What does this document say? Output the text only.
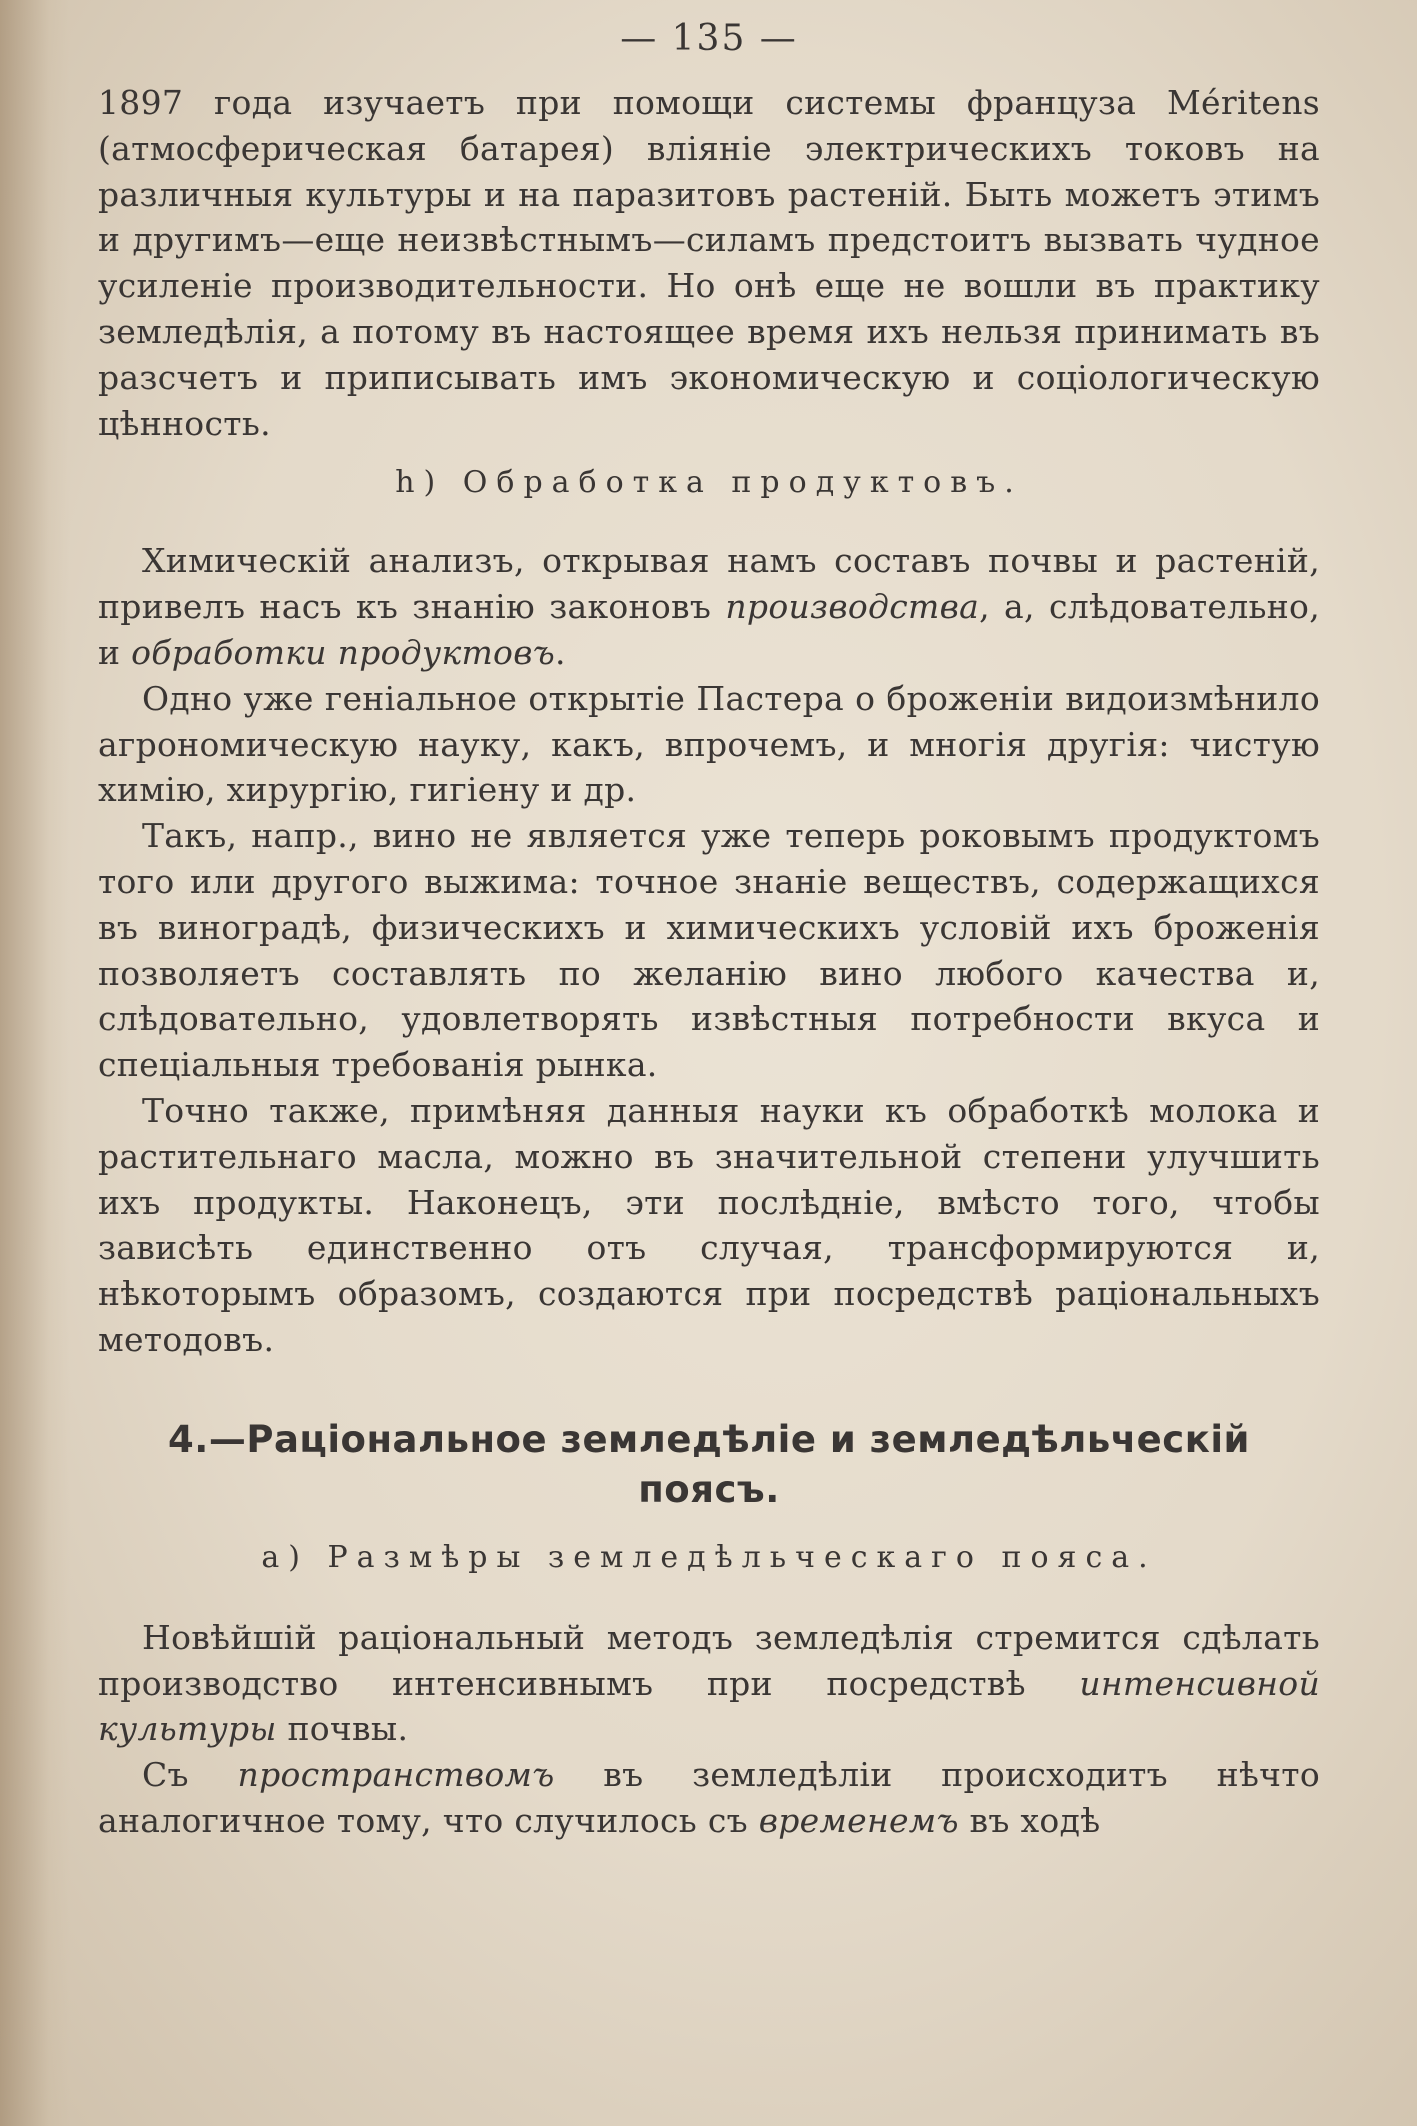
— 135 —

1897 года изучаетъ при помощи системы француза Mérіtens (атмосферическая батарея) вліяніе электрическихъ токовъ на различныя культуры и на паразитовъ растеній. Быть можетъ этимъ и другимъ—еще неизвѣстнымъ—силамъ предстоитъ вызвать чудное усиленіе производительности. Но онѣ еще не вошли въ практику земледѣлія, а потому въ настоящее время ихъ нельзя принимать въ разсчетъ и приписывать имъ экономическую и соціологическую цѣнность.

h) Обработка продуктовъ.

Химическій анализъ, открывая намъ составъ почвы и растеній, привелъ насъ къ знанію законовъ производства, а, слѣдовательно, и обработки продуктовъ.

Одно уже геніальное открытіе Пастера о броженіи видоизмѣнило агрономическую науку, какъ, впрочемъ, и многія другія: чистую химію, хирургію, гигіену и др.

Такъ, напр., вино не является уже теперь роковымъ продуктомъ того или другого выжима: точное знаніе веществъ, содержащихся въ виноградѣ, физическихъ и химическихъ условій ихъ броженія позволяетъ составлять по желанію вино любого качества и, слѣдовательно, удовлетворять извѣстныя потребности вкуса и спеціальныя требованія рынка.

Точно также, примѣняя данныя науки къ обработкѣ молока и растительнаго масла, можно въ значительной степени улучшить ихъ продукты. Наконецъ, эти послѣдніе, вмѣсто того, чтобы зависѣть единственно отъ случая, трансформируются и, нѣкоторымъ образомъ, создаются при посредствѣ раціональныхъ методовъ.

4.—Раціональное земледѣліе и земледѣльческій поясъ.
a) Размѣры земледѣльческаго пояса.

Новѣйшій раціональный методъ земледѣлія стремится сдѣлать производство интенсивнымъ при посредствѣ интенсивной культуры почвы.

Съ пространствомъ въ земледѣліи происходитъ нѣчто аналогичное тому, что случилось съ временемъ въ ходѣ
